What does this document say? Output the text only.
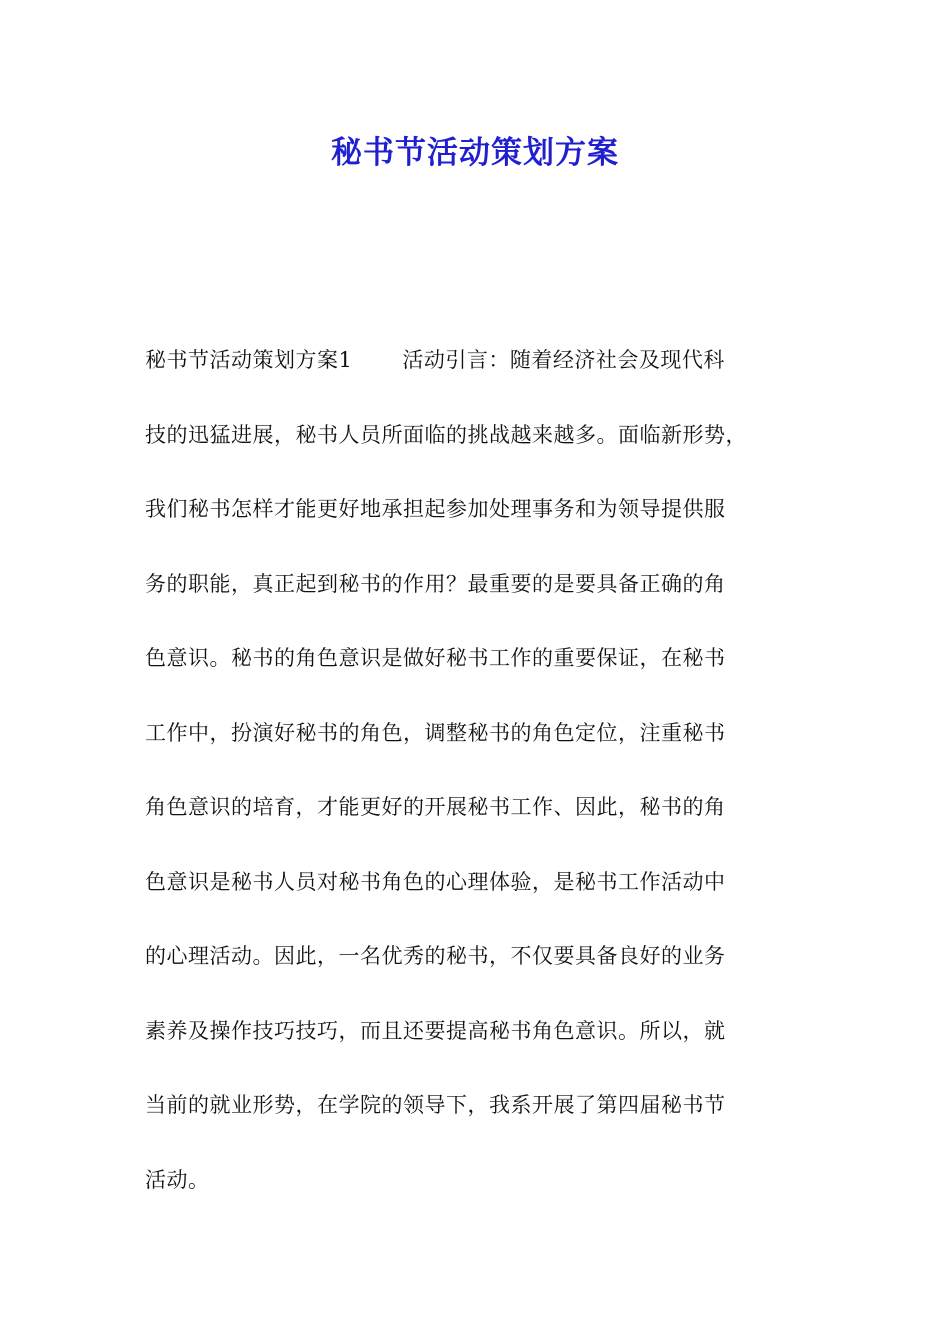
秘书节活动策划方案
秘书节活动策划方案1 活动引言：随着经济社会及现代科
技的迅猛进展，秘书人员所面临的挑战越来越多。面临新形势，
我们秘书怎样才能更好地承担起参加处理事务和为领导提供服
务的职能，真正起到秘书的作用？最重要的是要具备正确的角
色意识。秘书的角色意识是做好秘书工作的重要保证，在秘书
工作中，扮演好秘书的角色，调整秘书的角色定位，注重秘书
角色意识的培育，才能更好的开展秘书工作、因此，秘书的角
色意识是秘书人员对秘书角色的心理体验，是秘书工作活动中
的心理活动。因此，一名优秀的秘书，不仅要具备良好的业务
素养及操作技巧技巧，而且还要提高秘书角色意识。所以，就
当前的就业形势，在学院的领导下，我系开展了第四届秘书节
活动。
